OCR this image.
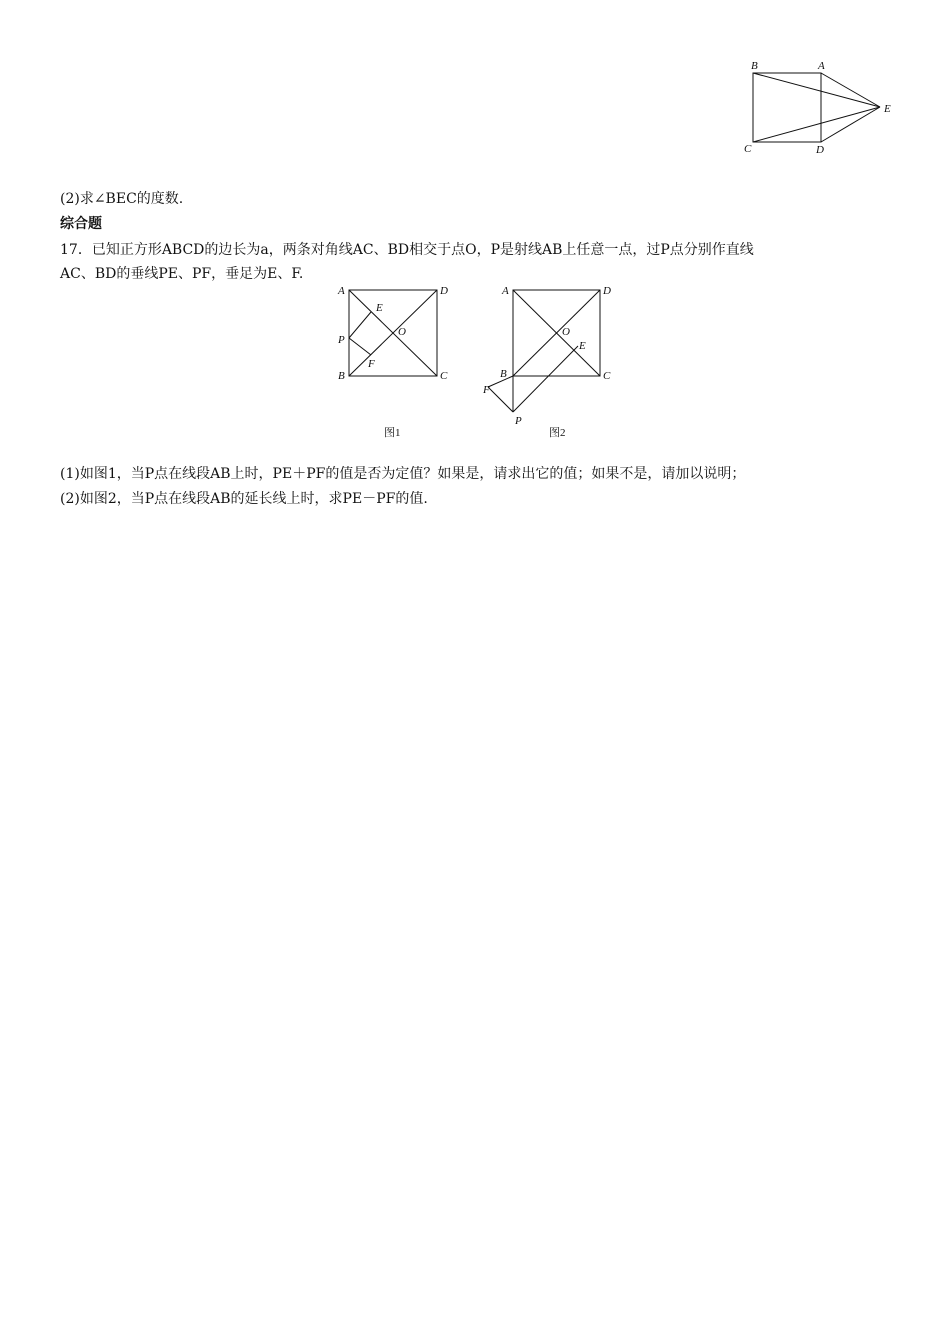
B	A
E
C	D
(2)求∠BEC的度数.
综合题
17．已知正方形ABCD的边长为a，两条对角线AC、BD相交于点O，P是射线AB上任意一点，过P点分别作直线
AC、BD的垂线PE、PF，垂足为E、F.
A	D
E
O
P
F
B	C
图1
A	D
O
E
B	C
F
P
图2
(1)如图1，当P点在线段AB上时，PE＋PF的值是否为定值？如果是，请求出它的值；如果不是，请加以说明；
(2)如图2，当P点在线段AB的延长线上时，求PE－PF的值.
